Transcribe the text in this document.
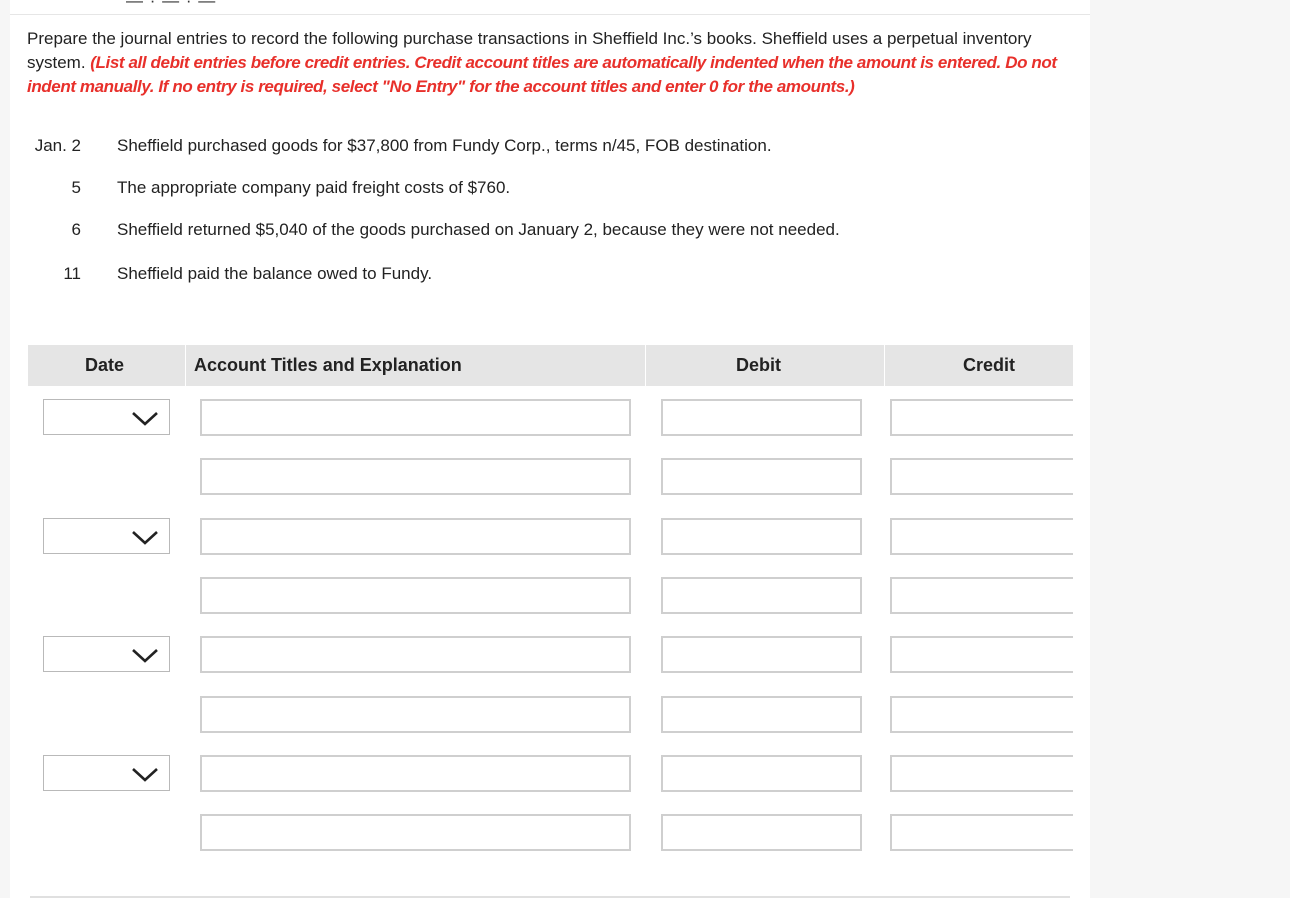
— · — · —
Prepare the journal entries to record the following purchase transactions in Sheffield Inc.’s books. Sheffield uses a perpetual inventory system. (List all debit entries before credit entries. Credit account titles are automatically indented when the amount is entered. Do not indent manually. If no entry is required, select "No Entry" for the account titles and enter 0 for the amounts.)
Jan. 2 Sheffield purchased goods for $37,800 from Fundy Corp., terms n/45, FOB destination.
5 The appropriate company paid freight costs of $760.
6 Sheffield returned $5,040 of the goods purchased on January 2, because they were not needed.
11 Sheffield paid the balance owed to Fundy.
Date	Account Titles and Explanation	Debit	Credit
